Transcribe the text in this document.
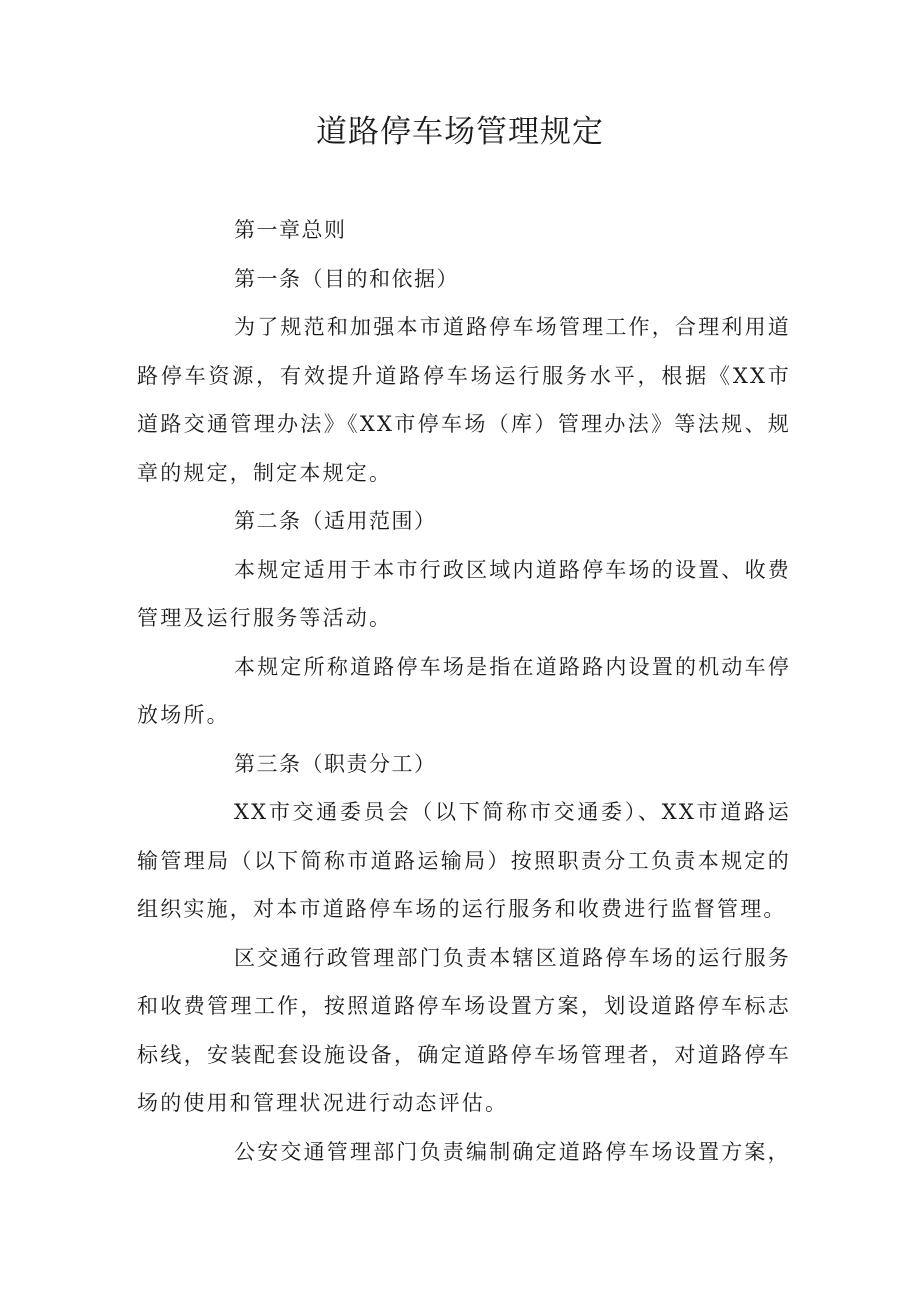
道路停车场管理规定

第一章总则

第一条（目的和依据）

为了规范和加强本市道路停车场管理工作，合理利用道路停车资源，有效提升道路停车场运行服务水平，根据《XX市道路交通管理办法》《XX市停车场（库）管理办法》等法规、规章的规定，制定本规定。

第二条（适用范围）

本规定适用于本市行政区域内道路停车场的设置、收费管理及运行服务等活动。

本规定所称道路停车场是指在道路路内设置的机动车停放场所。

第三条（职责分工）

XX市交通委员会（以下简称市交通委）、XX市道路运输管理局（以下简称市道路运输局）按照职责分工负责本规定的组织实施，对本市道路停车场的运行服务和收费进行监督管理。

区交通行政管理部门负责本辖区道路停车场的运行服务和收费管理工作，按照道路停车场设置方案，划设道路停车标志标线，安装配套设施设备，确定道路停车场管理者，对道路停车场的使用和管理状况进行动态评估。

公安交通管理部门负责编制确定道路停车场设置方案，
